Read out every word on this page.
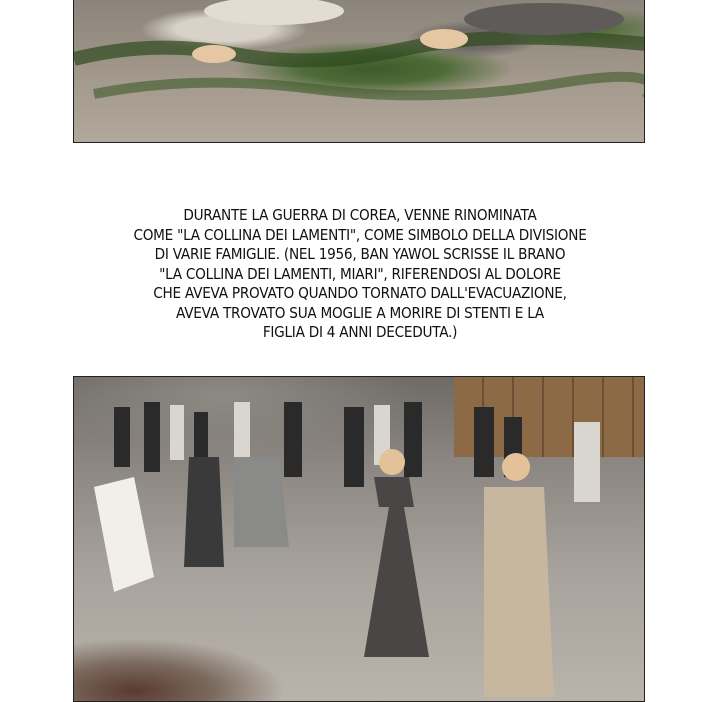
DURANTE LA GUERRA DI COREA, VENNE RINOMINATA
COME "LA COLLINA DEI LAMENTI", COME SIMBOLO DELLA DIVISIONE
DI VARIE FAMIGLIE. (NEL 1956, BAN YAWOL SCRISSE IL BRANO
"LA COLLINA DEI LAMENTI, MIARI", RIFERENDOSI AL DOLORE
CHE AVEVA PROVATO QUANDO TORNATO DALL'EVACUAZIONE,
AVEVA TROVATO SUA MOGLIE A MORIRE DI STENTI E LA
FIGLIA DI 4 ANNI DECEDUTA.)
